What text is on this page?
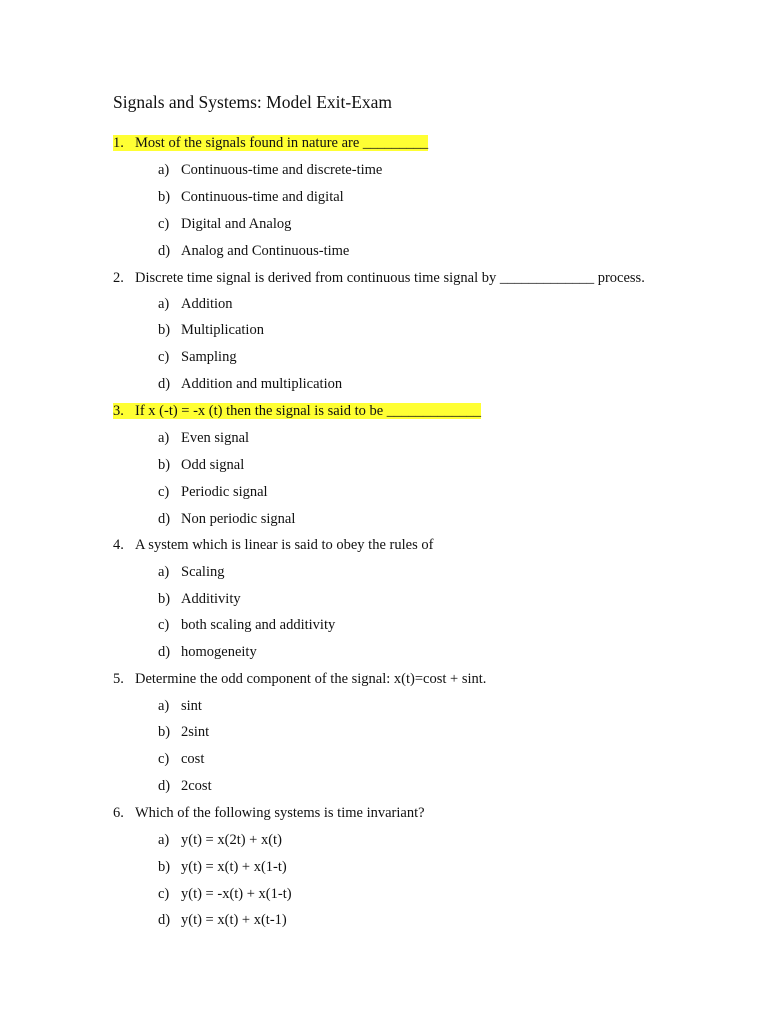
Signals and Systems: Model Exit-Exam
1. Most of the signals found in nature are _________
a) Continuous-time and discrete-time
b) Continuous-time and digital
c) Digital and Analog
d) Analog and Continuous-time
2. Discrete time signal is derived from continuous time signal by _____________ process.
a) Addition
b) Multiplication
c) Sampling
d) Addition and multiplication
3. If x (-t) = -x (t) then the signal is said to be _____________
a) Even signal
b) Odd signal
c) Periodic signal
d) Non periodic signal
4. A system which is linear is said to obey the rules of
a) Scaling
b) Additivity
c) both scaling and additivity
d) homogeneity
5. Determine the odd component of the signal: x(t)=cost + sint.
a) sint
b) 2sint
c) cost
d) 2cost
6. Which of the following systems is time invariant?
a) y(t) = x(2t) + x(t)
b) y(t) = x(t) + x(1-t)
c) y(t) = -x(t) + x(1-t)
d) y(t) = x(t) + x(t-1)
